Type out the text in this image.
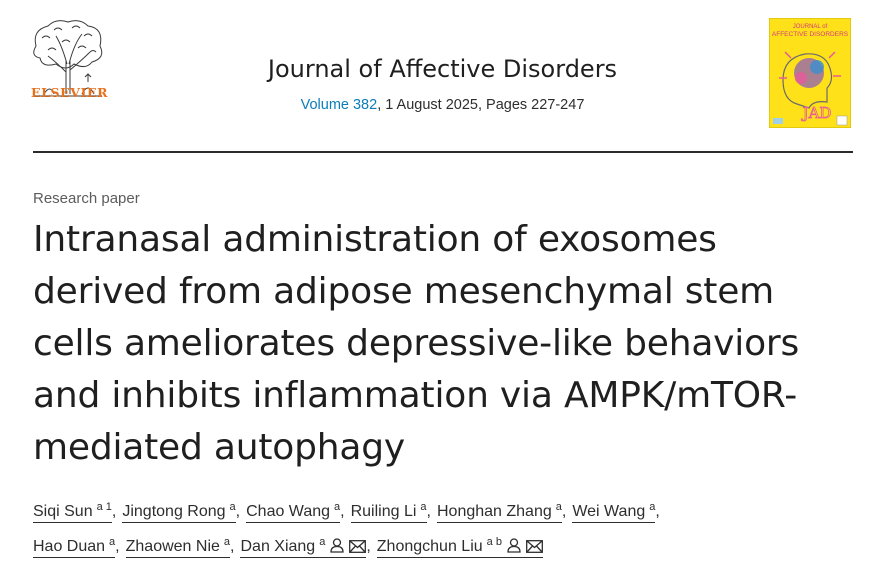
ELSEVIER
Journal of Affective Disorders
Volume 382, 1 August 2025, Pages 227-247
JOURNAL of
AFFECTIVE DISORDERS
JAD
Research paper
Intranasal administration of exosomes
derived from adipose mesenchymal stem
cells ameliorates depressive-like behaviors
and inhibits inflammation via AMPK/mTOR-
mediated autophagy
Siqi Sun $^{a 1}$, Jingtong Rong $^a$, Chao Wang $^a$, Ruiling Li $^a$, Honghan Zhang $^a$, Wei Wang $^a$,
Hao Duan $^a$, Zhaowen Nie $^a$, Dan Xiang $^a$	, Zhongchun Liu $^{a b}$
